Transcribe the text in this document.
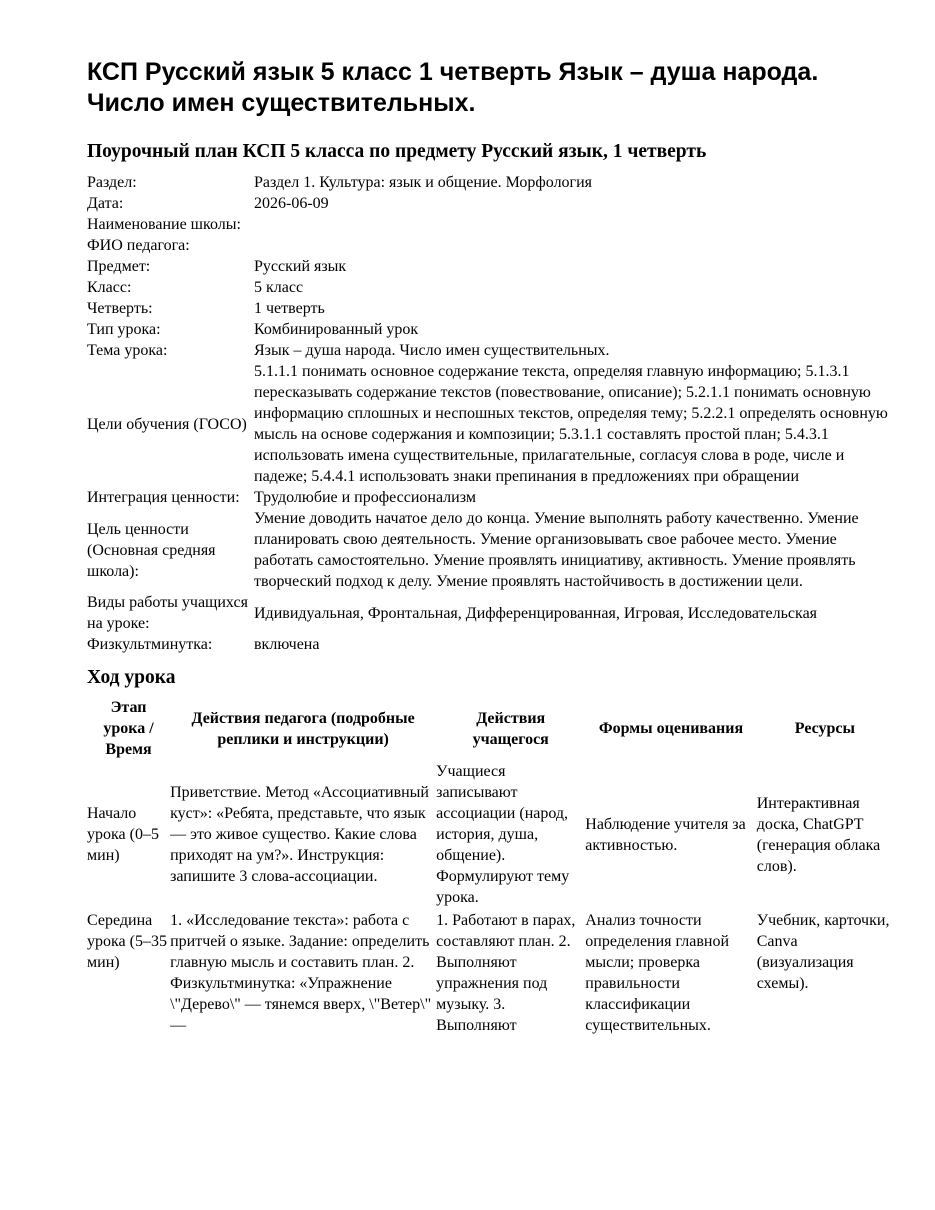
КСП Русский язык 5 класс 1 четверть Язык – душа народа. Число имен существительных.
Поурочный план КСП 5 класса по предмету Русский язык, 1 четверть
Раздел:	Раздел 1. Культура: язык и общение. Морфология
Дата:	2026-06-09
Наименование школы:	
ФИО педагога:	
Предмет:	Русский язык
Класс:	5 класс
Четверть:	1 четверть
Тип урока:	Комбинированный урок
Тема урока:	Язык – душа народа. Число имен существительных.
Цели обучения (ГОСО)	5.1.1.1 понимать основное содержание текста, определяя главную информацию; 5.1.3.1 пересказывать содержание текстов (повествование, описание); 5.2.1.1 понимать основную информацию сплошных и неспошных текстов, определяя тему; 5.2.2.1 определять основную мысль на основе содержания и композиции; 5.3.1.1 составлять простой план; 5.4.3.1 использовать имена существительные, прилагательные, согласуя слова в роде, числе и падеже; 5.4.4.1 использовать знаки препинания в предложениях при обращении
Интеграция ценности:	Трудолюбие и профессионализм
Цель ценности (Основная средняя школа):	Умение доводить начатое дело до конца. Умение выполнять работу качественно. Умение планировать свою деятельность. Умение организовывать свое рабочее место. Умение работать самостоятельно. Умение проявлять инициативу, активность. Умение проявлять творческий подход к делу. Умение проявлять настойчивость в достижении цели.
Виды работы учащихся на уроке:	Идивидуальная, Фронтальная, Дифференцированная, Игровая, Исследовательская
Физкультминутка:	включена
Ход урока
Этап урока / Время	Действия педагога (подробные реплики и инструкции)	Действия учащегося	Формы оценивания	Ресурсы
Начало урока (0–5 мин)	Приветствие. Метод «Ассоциативный куст»: «Ребята, представьте, что язык — это живое существо. Какие слова приходят на ум?». Инструкция: запишите 3 слова-ассоциации.	Учащиеся записывают ассоциации (народ, история, душа, общение). Формулируют тему урока.	Наблюдение учителя за активностью.	Интерактивная доска, ChatGPT (генерация облака слов).
Середина урока (5–35 мин)	1. «Исследование текста»: работа с притчей о языке. Задание: определить главную мысль и составить план. 2. Физкультминутка: «Упражнение \"Дерево\" — тянемся вверх, \"Ветер\" —	1. Работают в парах, составляют план. 2. Выполняют упражнения под музыку. 3. Выполняют	Анализ точности определения главной мысли; проверка правильности классификации существительных.	Учебник, карточки, Canva (визуализация схемы).
